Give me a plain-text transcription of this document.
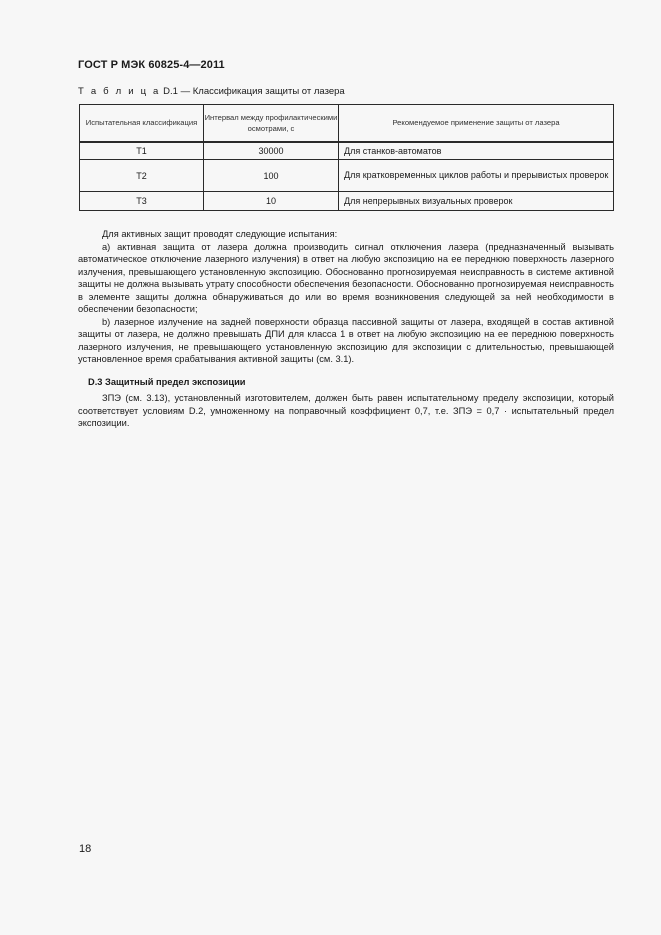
ГОСТ Р МЭК 60825-4—2011
Т а б л и ц а D.1 — Классификация защиты от лазера
Испытательная классификация	Интервал между профилактическими осмотрами, с	Рекомендуемое применение защиты от лазера
T1	30000	Для станков-автоматов
T2	100	Для кратковременных циклов работы и прерывистых проверок
T3	10	Для непрерывных визуальных проверок

Для активных защит проводят следующие испытания:

а) активная защита от лазера должна производить сигнал отключения лазера (предназначенный вызывать автоматическое отключение лазерного излучения) в ответ на любую экспозицию на ее переднюю поверхность лазерного излучения, превышающего установленную экспозицию. Обоснованно прогнозируемая неисправность в системе активной защиты не должна вызывать утрату способности обеспечения безопасности. Обоснованно прогнозируемая неисправность в элементе защиты должна обнаруживаться до или во время возникновения следующей за ней необходимости в обеспечении безопасности;

b) лазерное излучение на задней поверхности образца пассивной защиты от лазера, входящей в состав активной защиты от лазера, не должно превышать ДПИ для класса 1 в ответ на любую экспозицию на ее переднюю поверхность лазерного излучения, не превышающего установленную экспозицию для экспозиции с длительностью, превышающей установленное время срабатывания активной защиты (см. 3.1).

D.3 Защитный предел экспозиции

ЗПЭ (см. 3.13), установленный изготовителем, должен быть равен испытательному пределу экспозиции, который соответствует условиям D.2, умноженному на поправочный коэффициент 0,7, т.е. ЗПЭ = 0,7 · испытательный предел экспозиции.

18
